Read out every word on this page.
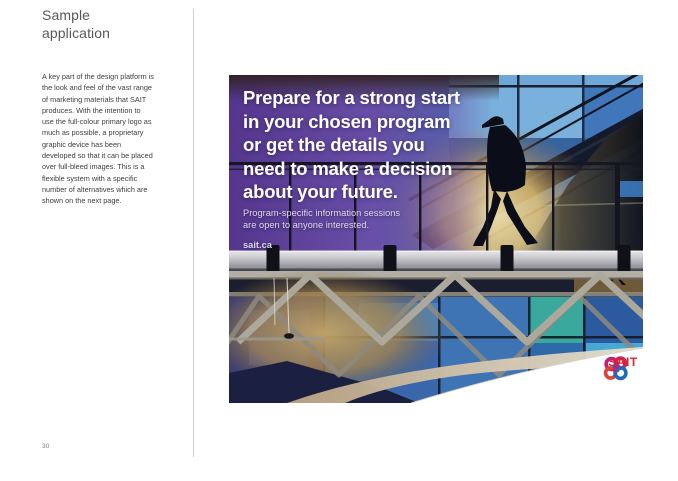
Sample application

A key part of the design platform is the look and feel of the vast range of marketing materials that SAIT produces. With the intention to use the full-colour primary logo as much as possible, a proprietary graphic device has been developed so that it can be placed over full-bleed images. This is a flexible system with a specific number of alternatives which are shown on the next page.

30
Prepare for a strong start
in your chosen program
or get the details you
need to make a decision
about your future.
Program-specific information sessions
are open to anyone interested.
sait.ca
SAIT
